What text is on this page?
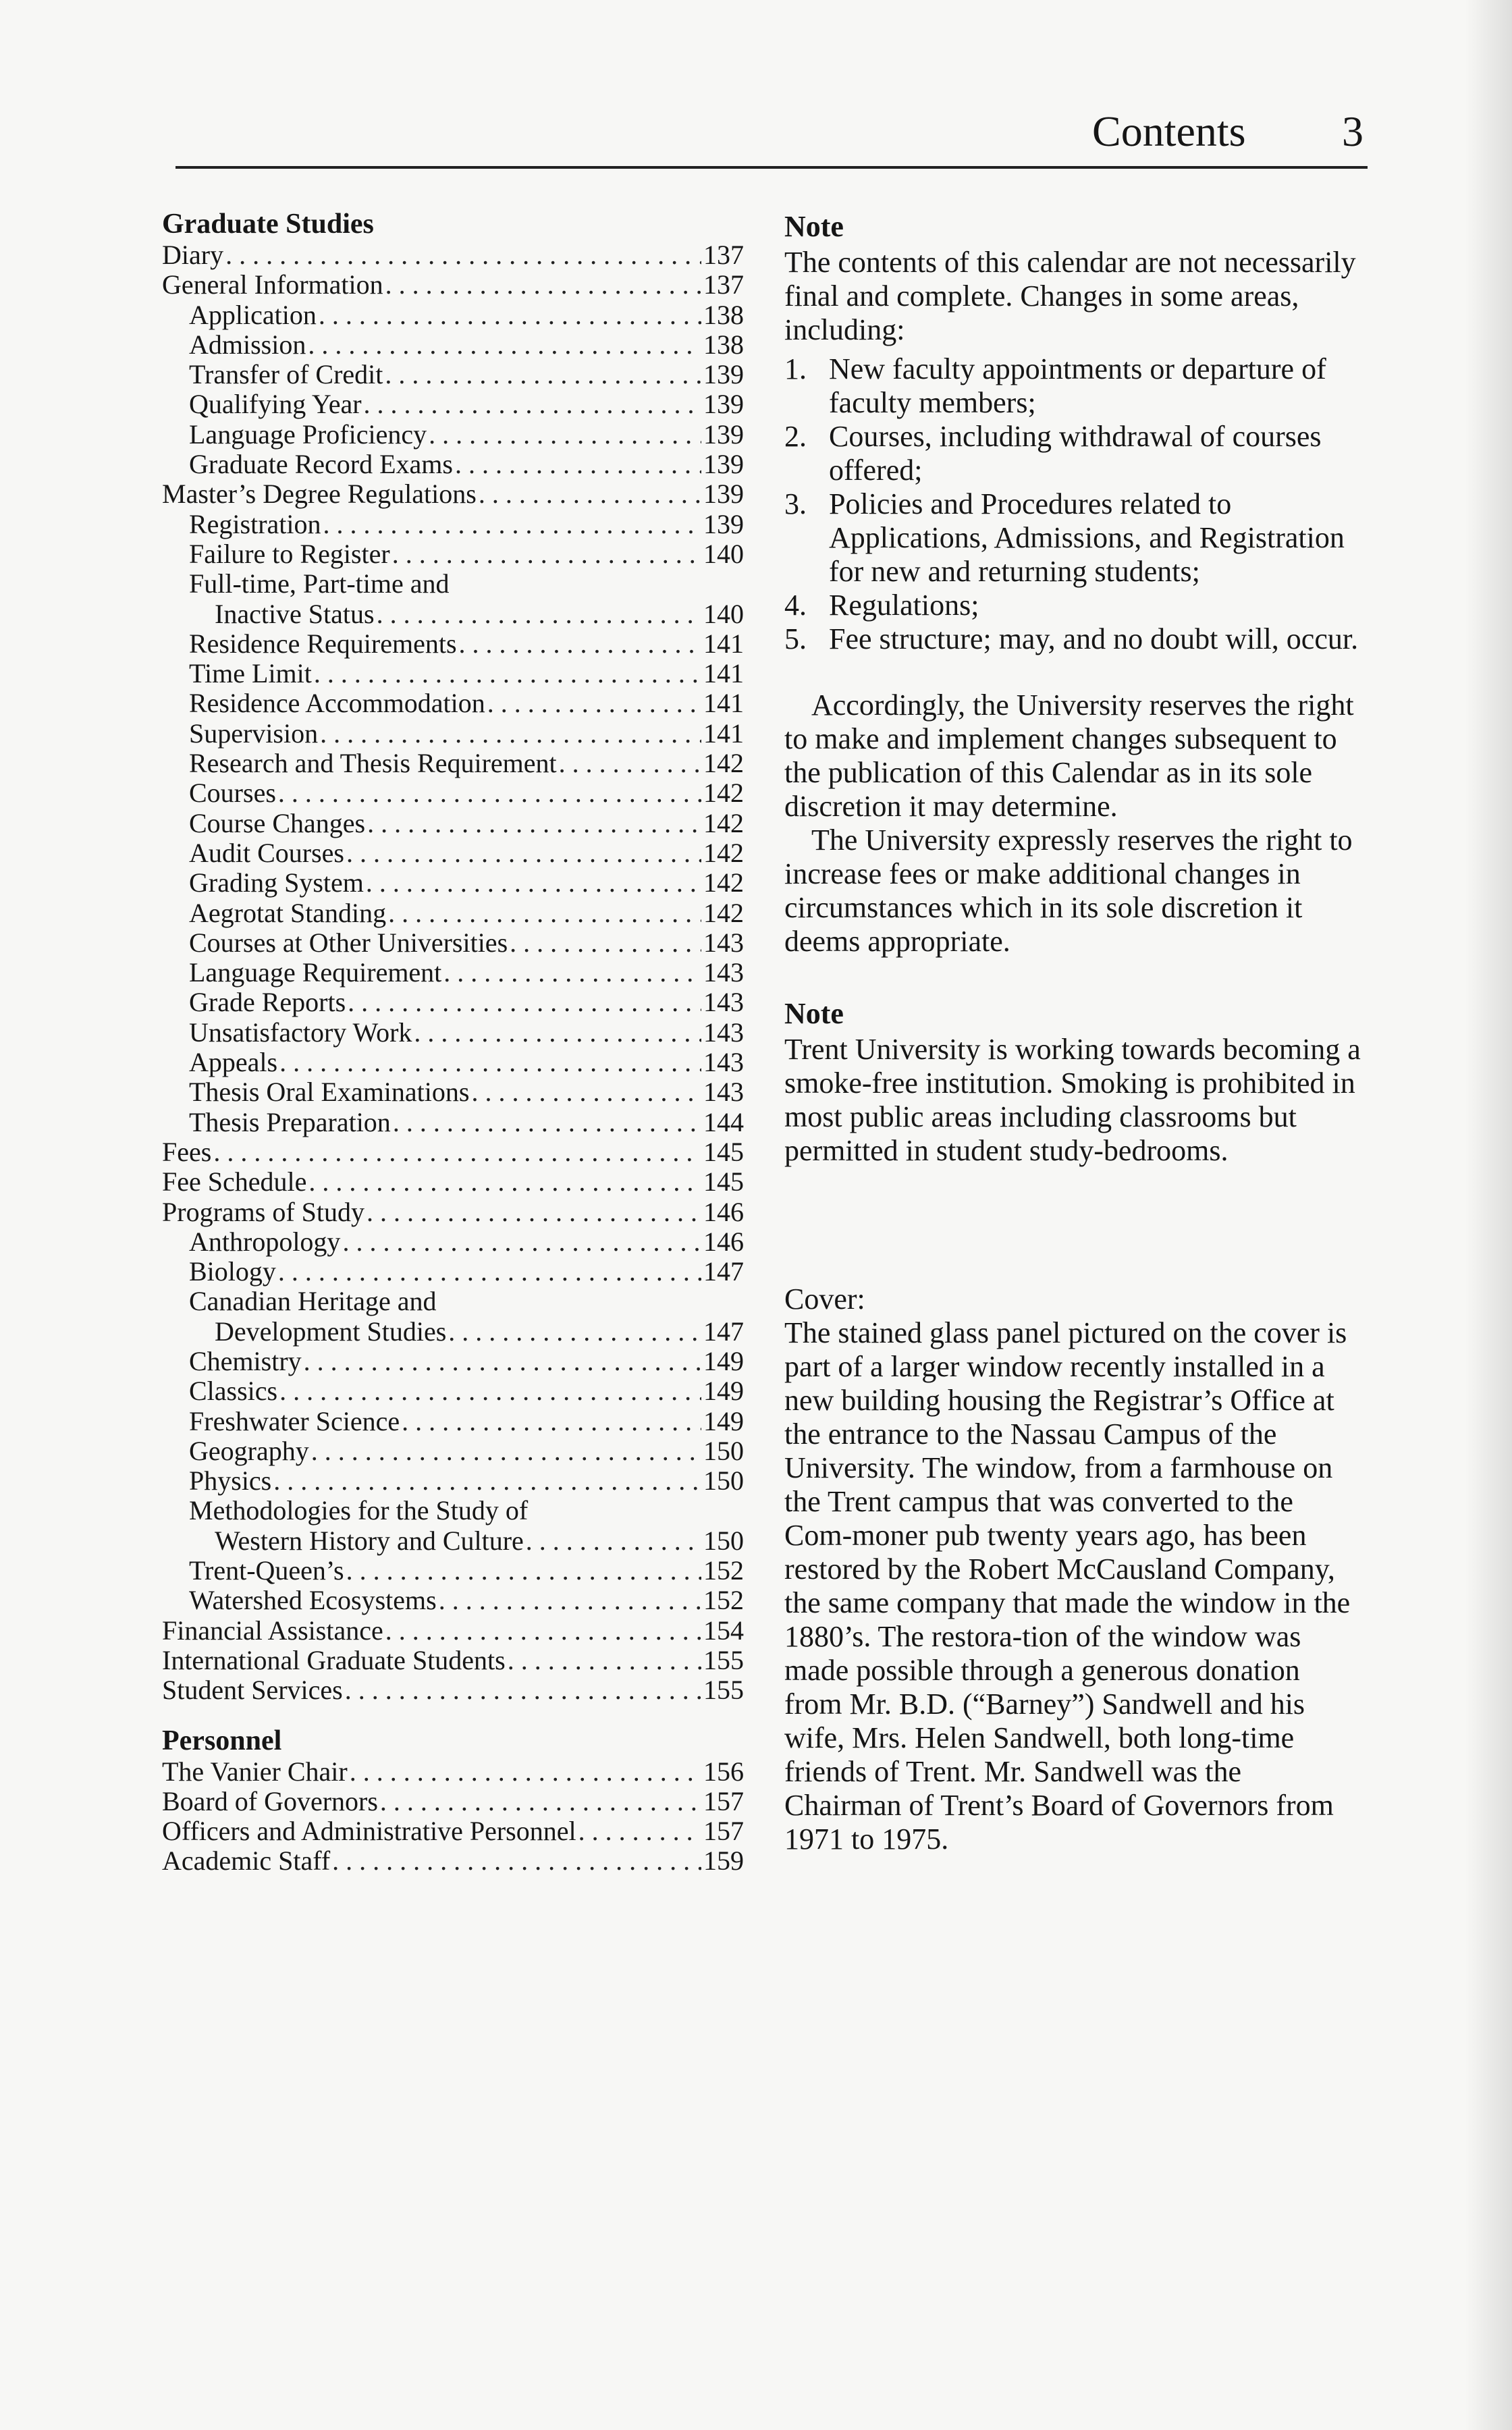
Contents 3
Graduate Studies
Diary . . .	137
General Information . . .	137
Application . . .	138
Admission . . .	138
Transfer of Credit . . .	139
Qualifying Year . . .	139
Language Proficiency . . .	139
Graduate Record Exams . . .	139
Master’s Degree Regulations . . .	139
Registration . . .	139
Failure to Register . . .	140
Full-time, Part-time and
Inactive Status . . .	140
Residence Requirements . . .	141
Time Limit . . .	141
Residence Accommodation . . .	141
Supervision . . .	141
Research and Thesis Requirement . . .	142
Courses . . .	142
Course Changes . . .	142
Audit Courses . . .	142
Grading System . . .	142
Aegrotat Standing . . .	142
Courses at Other Universities . . .	143
Language Requirement . . .	143
Grade Reports . . .	143
Unsatisfactory Work . . .	143
Appeals . . .	143
Thesis Oral Examinations . . .	143
Thesis Preparation . . .	144
Fees . . .	145
Fee Schedule . . .	145
Programs of Study . . .	146
Anthropology . . .	146
Biology . . .	147
Canadian Heritage and
Development Studies . . .	147
Chemistry . . .	149
Classics . . .	149
Freshwater Science . . .	149
Geography . . .	150
Physics . . .	150
Methodologies for the Study of
Western History and Culture . . .	150
Trent-Queen’s . . .	152
Watershed Ecosystems . . .	152
Financial Assistance . . .	154
International Graduate Students . . .	155
Student Services . . .	155
Personnel
The Vanier Chair . . .	156
Board of Governors . . .	157
Officers and Administrative Personnel . . .	157
Academic Staff . . .	159
Note

The contents of this calendar are not necessarily final and complete. Changes in some areas, including:

1. New faculty appointments or departure of faculty members;
2. Courses, including withdrawal of courses offered;
3. Policies and Procedures related to Applications, Admissions, and Registration for new and returning students;
4. Regulations;
5. Fee structure; may, and no doubt will, occur.

Accordingly, the University reserves the right to make and implement changes subsequent to the publication of this Calendar as in its sole discretion it may determine.

The University expressly reserves the right to increase fees or make additional changes in circumstances which in its sole discretion it deems appropriate.

Note

Trent University is working towards becoming a smoke-free institution. Smoking is prohibited in most public areas including classrooms but permitted in student study-bedrooms.

Cover:

The stained glass panel pictured on the cover is part of a larger window recently installed in a new building housing the Registrar’s Office at the entrance to the Nassau Campus of the University. The window, from a farmhouse on the Trent campus that was converted to the Com-moner pub twenty years ago, has been restored by the Robert McCausland Company, the same company that made the window in the 1880’s. The restora-tion of the window was made possible through a generous donation from Mr. B.D. (“Barney”) Sandwell and his wife, Mrs. Helen Sandwell, both long-time friends of Trent. Mr. Sandwell was the Chairman of Trent’s Board of Governors from 1971 to 1975.
